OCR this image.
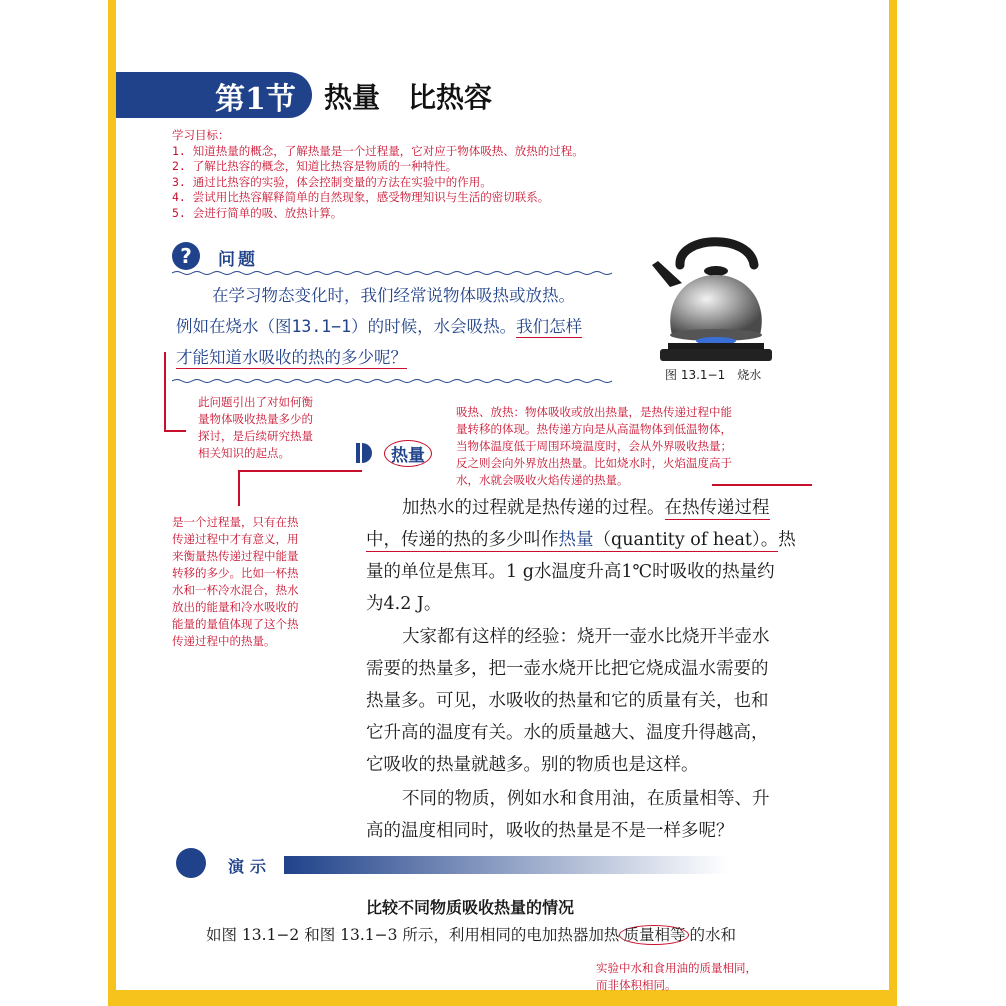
第1节 热量　比热容
学习目标：
1. 知道热量的概念，了解热量是一个过程量，它对应于物体吸热、放热的过程。
2. 了解比热容的概念，知道比热容是物质的一种特性。
3. 通过比热容的实验，体会控制变量的方法在实验中的作用。
4. 尝试用比热容解释简单的自然现象，感受物理知识与生活的密切联系。
5. 会进行简单的吸、放热计算。
?	问题
在学习物态变化时，我们经常说物体吸热或放热。
例如在烧水（图13.1−1）的时候，水会吸热。我们怎样
才能知道水吸收的热的多少呢？
图 13.1−1　烧水
此问题引出了对如何衡
量物体吸收热量多少的
探讨，是后续研究热量
相关知识的起点。
吸热、放热：物体吸收或放出热量，是热传递过程中能
量转移的体现。热传递方向是从高温物体到低温物体，
当物体温度低于周围环境温度时，会从外界吸收热量；
反之则会向外界放出热量。比如烧水时，火焰温度高于
水，水就会吸收火焰传递的热量。
是一个过程量，只有在热
传递过程中才有意义，用
来衡量热传递过程中能量
转移的多少。比如一杯热
水和一杯冷水混合，热水
放出的能量和冷水吸收的
能量的量值体现了这个热
传递过程中的热量。
实验中水和食用油的质量相同，
而非体积相同。
热量
加热水的过程就是热传递的过程。在热传递过程
中，传递的热的多少叫作热量（quantity of heat）。热
量的单位是焦耳。1 g水温度升高1℃时吸收的热量约
为4.2 J。
大家都有这样的经验：烧开一壶水比烧开半壶水
需要的热量多，把一壶水烧开比把它烧成温水需要的
热量多。可见，水吸收的热量和它的质量有关，也和
它升高的温度有关。水的质量越大、温度升得越高，
它吸收的热量就越多。别的物质也是这样。
不同的物质，例如水和食用油，在质量相等、升
高的温度相同时，吸收的热量是不是一样多呢？
演示
比较不同物质吸收热量的情况
如图 13.1−2 和图 13.1−3 所示，利用相同的电加热器加热 质量相等 的水和
